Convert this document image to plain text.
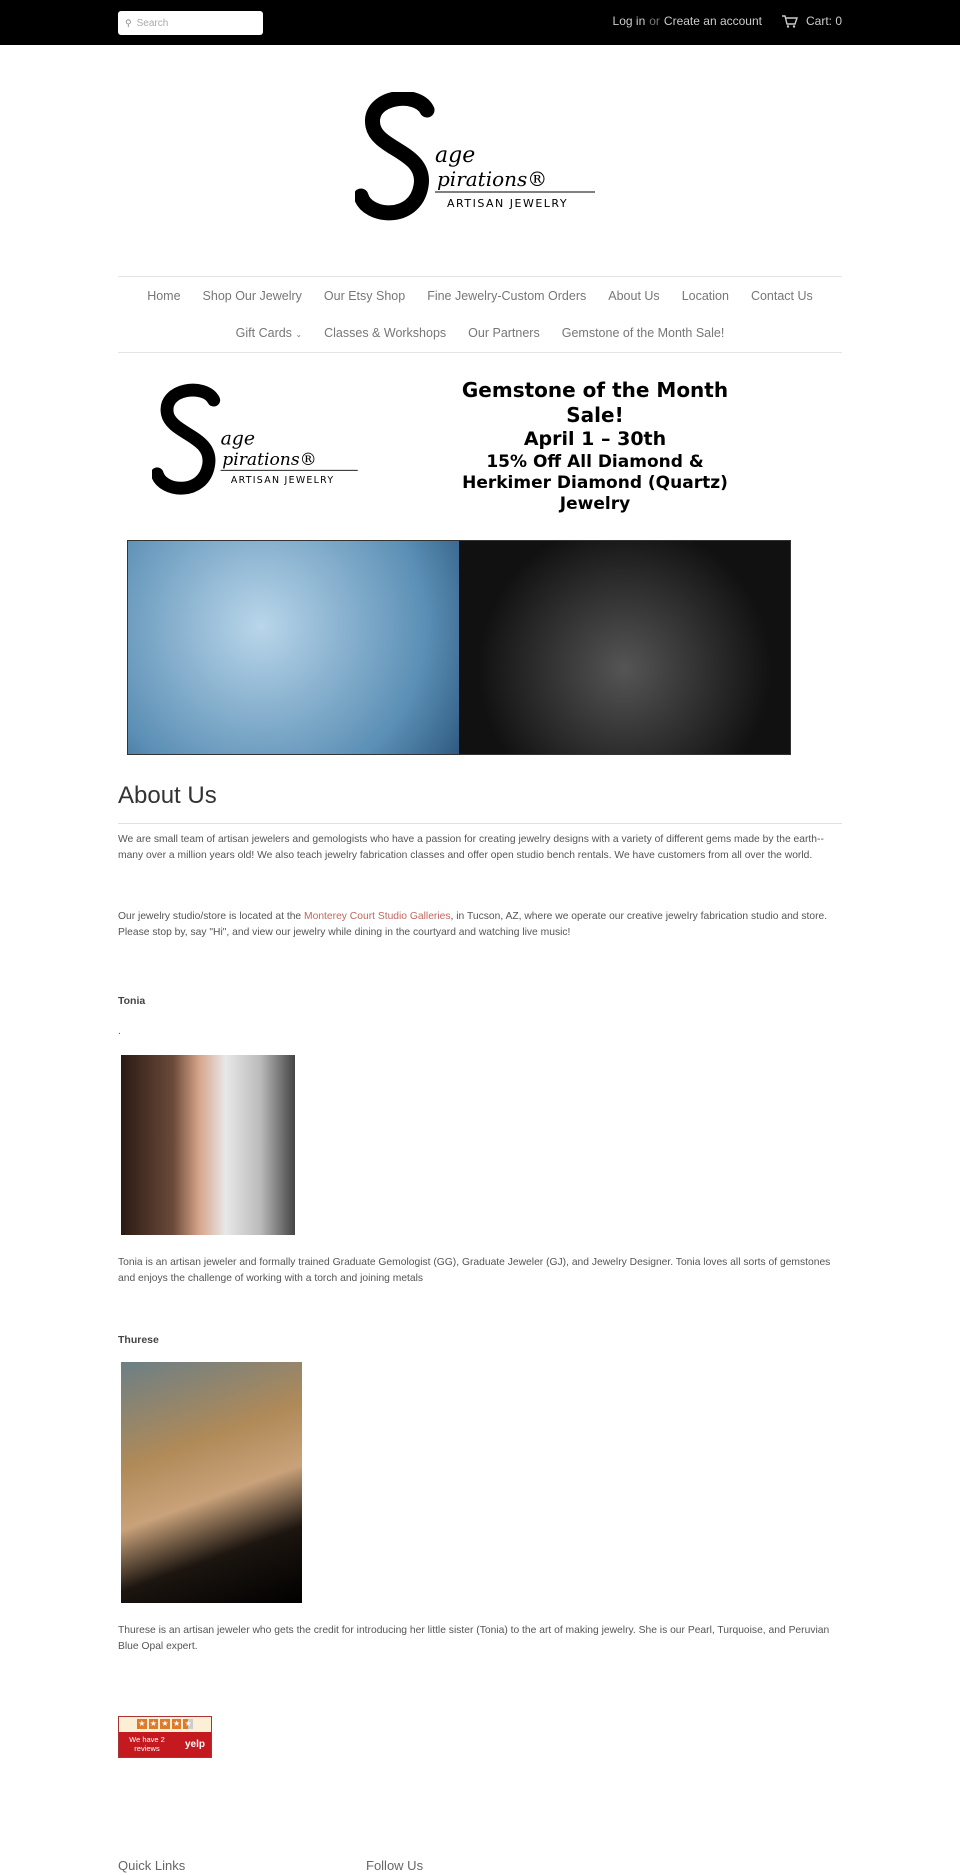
⚲ Search	Log in or Create an account	Cart: 0
age
In pirations®
ARTISAN JEWELRY
Home Shop Our Jewelry Our Etsy Shop Fine Jewelry-Custom Orders About Us Location Contact Us
Gift Cards ⌄ Classes & Workshops Our Partners Gemstone of the Month Sale!
age
In pirations®
ARTISAN JEWELRY
Gemstone of the Month Sale!
April 1 – 30th
15% Off All Diamond &
Herkimer Diamond (Quartz) Jewelry
About Us
We are small team of artisan jewelers and gemologists who have a passion for creating jewelry designs with a variety of different gems made by the earth--many over a million years old! We also teach jewelry fabrication classes and offer open studio bench rentals. We have customers from all over the world.
Our jewelry studio/store is located at the Monterey Court Studio Galleries, in Tucson, AZ, where we operate our creative jewelry fabrication studio and store. Please stop by, say "Hi", and view our jewelry while dining in the courtyard and watching live music!
Tonia
.
Tonia is an artisan jeweler and formally trained Graduate Gemologist (GG), Graduate Jeweler (GJ), and Jewelry Designer. Tonia loves all sorts of gemstones and enjoys the challenge of working with a torch and joining metals
Thurese
Thurese is an artisan jeweler who gets the credit for introducing her little sister (Tonia) to the art of making jewelry. She is our Pearl, Turquoise, and Peruvian Blue Opal expert.
★ ★ ★ ★ ★
We have 2 reviews	yelp
Quick Links	Follow Us
